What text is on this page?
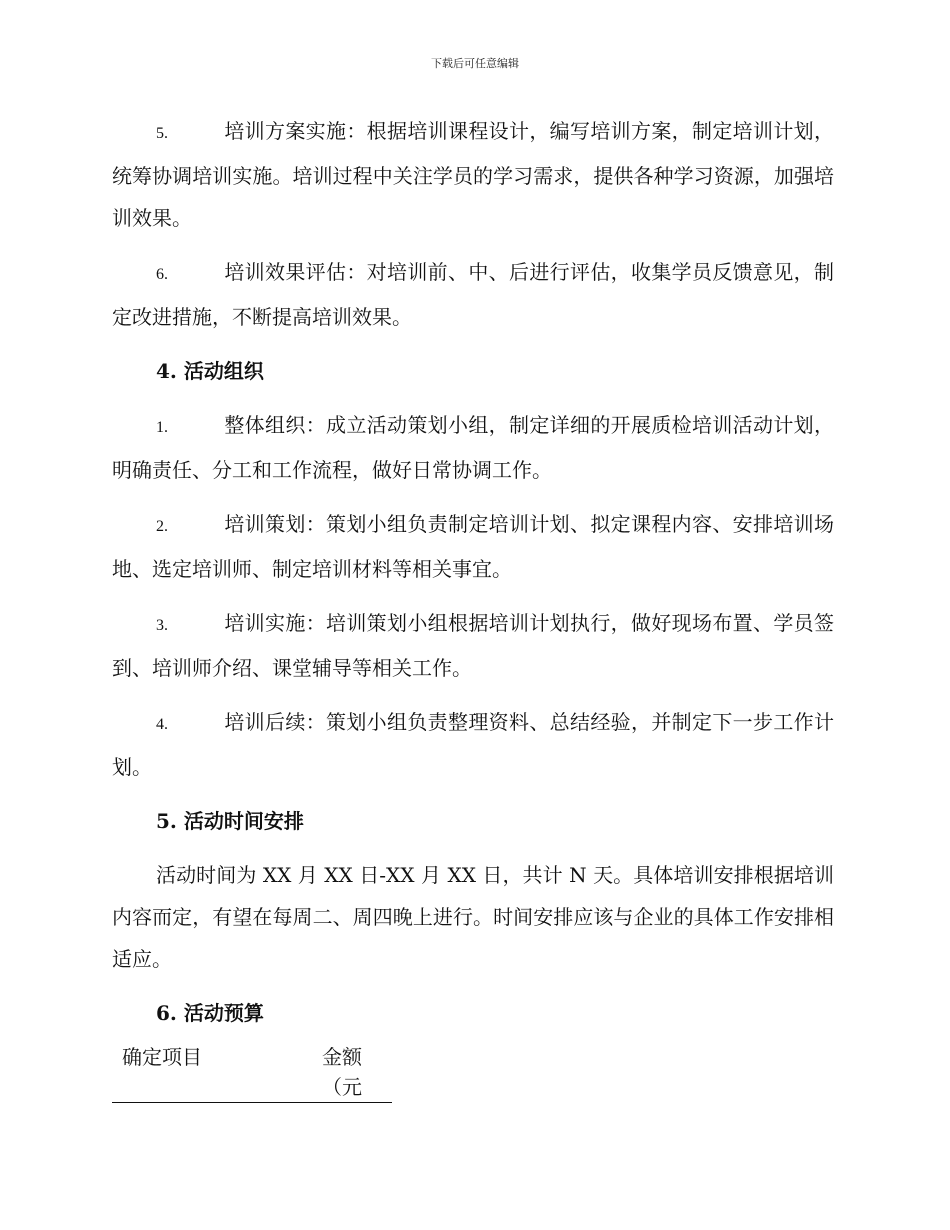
下载后可任意编辑

5.	培训方案实施：根据培训课程设计，编写培训方案，制定培训计划，统筹协调培训实施。培训过程中关注学员的学习需求，提供各种学习资源，加强培训效果。

6.	培训效果评估：对培训前、中、后进行评估，收集学员反馈意见，制定改进措施，不断提高培训效果。

4. 活动组织

1.	整体组织：成立活动策划小组，制定详细的开展质检培训活动计划，明确责任、分工和工作流程，做好日常协调工作。

2.	培训策划：策划小组负责制定培训计划、拟定课程内容、安排培训场地、选定培训师、制定培训材料等相关事宜。

3.	培训实施：培训策划小组根据培训计划执行，做好现场布置、学员签到、培训师介绍、课堂辅导等相关工作。

4.	培训后续：策划小组负责整理资料、总结经验，并制定下一步工作计划。

5. 活动时间安排

活动时间为 XX 月 XX 日-XX 月 XX 日，共计 N 天。具体培训安排根据培训内容而定，有望在每周二、周四晚上进行。时间安排应该与企业的具体工作安排相适应。

6. 活动预算

确定项目	金额
（元
